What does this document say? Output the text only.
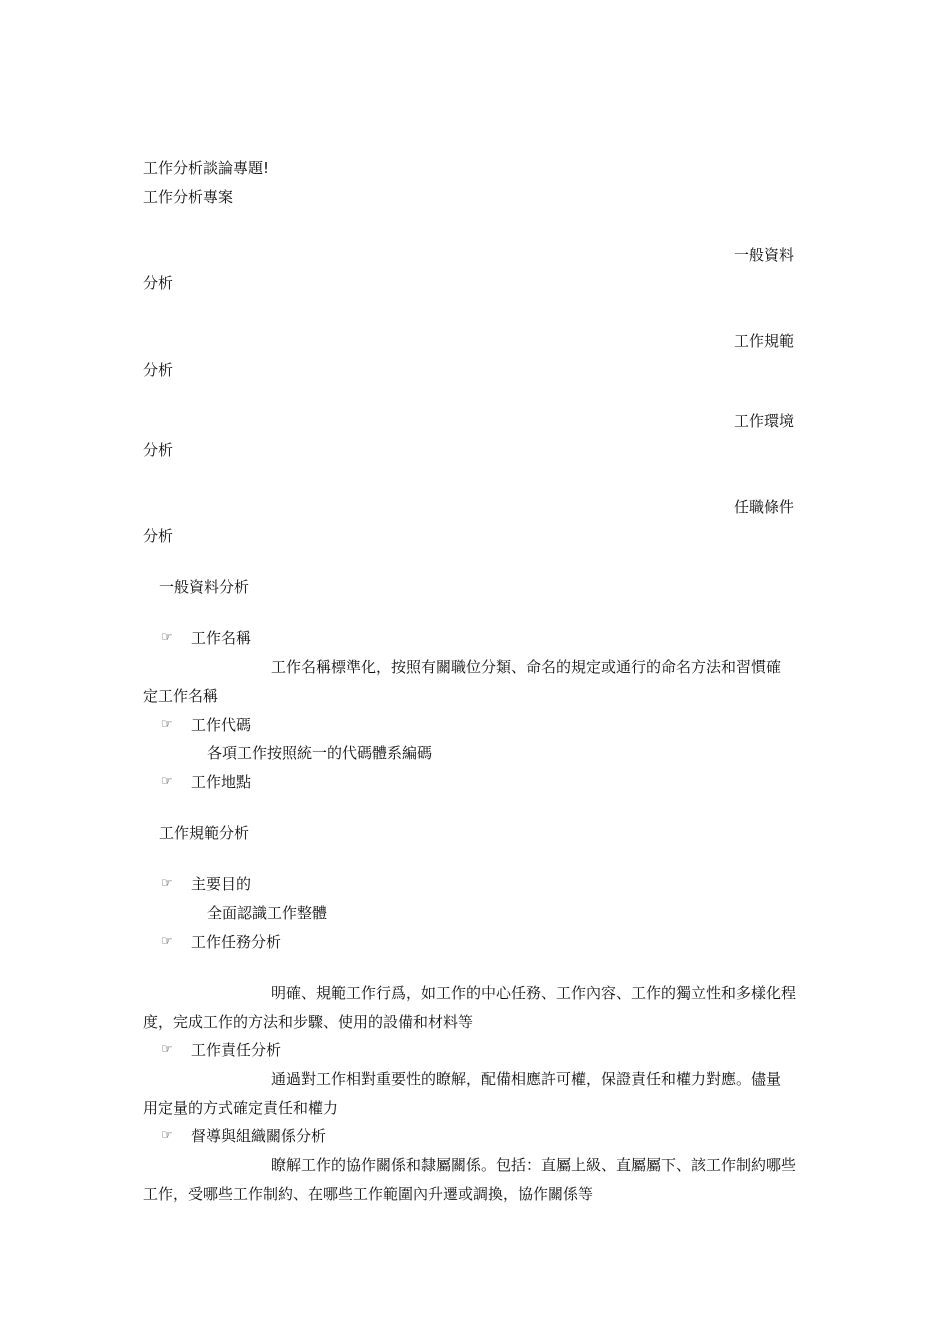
工作分析談論專題!
工作分析專案
一般資料
分析
工作規範
分析
工作環境
分析
任職條件
分析
一般資料分析
☞ 工作名稱
工作名稱標準化，按照有關職位分類、命名的規定或通行的命名方法和習慣確
定工作名稱
☞ 工作代碼
各項工作按照統一的代碼體系編碼
☞ 工作地點
工作規範分析
☞ 主要目的
全面認識工作整體
☞ 工作任務分析
明確、規範工作行爲，如工作的中心任務、工作內容、工作的獨立性和多樣化程
度，完成工作的方法和步驟、使用的設備和材料等
☞ 工作責任分析
通過對工作相對重要性的瞭解，配備相應許可權，保證責任和權力對應。儘量
用定量的方式確定責任和權力
☞ 督導與組織關係分析
瞭解工作的協作關係和隸屬關係。包括：直屬上級、直屬屬下、該工作制約哪些
工作，受哪些工作制約、在哪些工作範圍內升遷或調換，協作關係等
